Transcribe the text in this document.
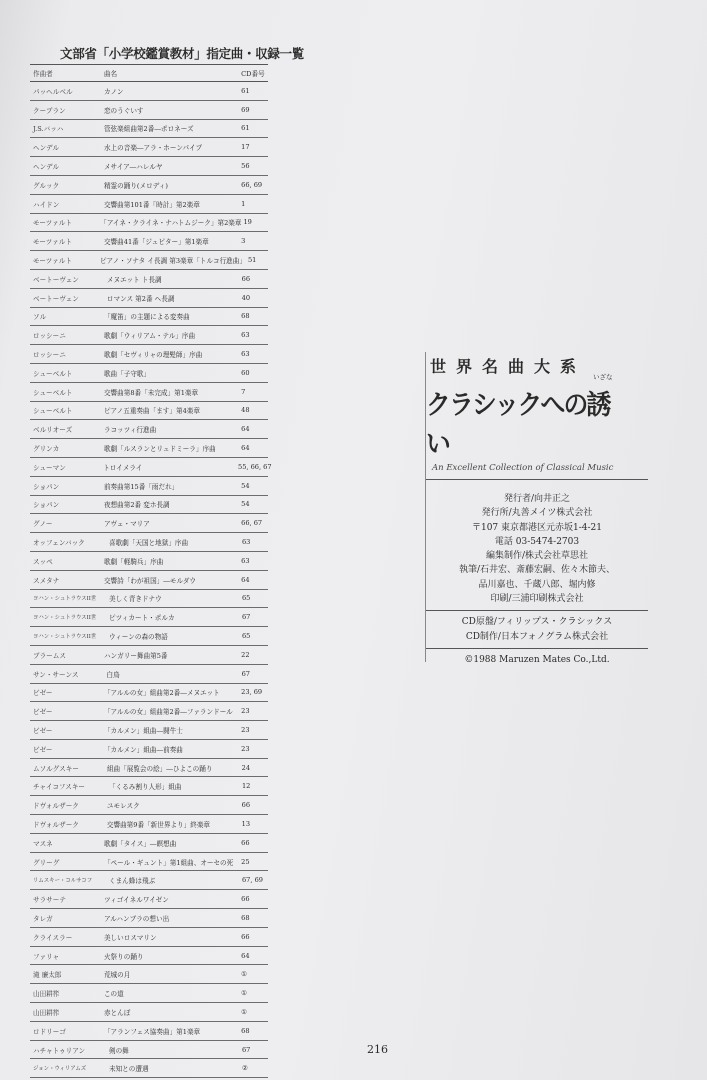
文部省「小学校鑑賞教材」指定曲・収録一覧
作曲者	曲名	CD番号
パッヘルベル	カノン	61
クープラン	恋のうぐいす	69
J.S.バッハ	管弦楽組曲第2番―ポロネーズ	61
ヘンデル	水上の音楽―アラ・ホーンパイプ	17
ヘンデル	メサイア―ハレルヤ	56
グルック	精霊の踊り(メロディ)	66, 69
ハイドン	交響曲第101番「時計」第2楽章	1
モーツァルト	「アイネ・クライネ・ナハトムジーク」第2楽章 19
モーツァルト	交響曲41番「ジュピター」第1楽章	3
モーツァルト	ピアノ・ソナタ イ長調 第3楽章「トルコ行進曲」 51
ベートーヴェン	メヌエット ト長調	66
ベートーヴェン	ロマンス 第2番 ヘ長調	40
ソル	「魔笛」の主題による変奏曲	68
ロッシーニ	歌劇「ウィリアム・テル」序曲	63
ロッシーニ	歌劇「セヴィリャの理髪師」序曲	63
シューベルト	歌曲「子守歌」	60
シューベルト	交響曲第8番「未完成」第1楽章	7
シューベルト	ピアノ五重奏曲「ます」第4楽章	48
ベルリオーズ	ラコッツィ行進曲	64
グリンカ	歌劇「ルスランとリュドミーラ」序曲	64
シューマン	トロイメライ	55, 66, 67
ショパン	前奏曲第15番「雨だれ」	54
ショパン	夜想曲第2番 変ホ長調	54
グノー	アヴェ・マリア	66, 67
オッフェンバック	喜歌劇「天国と地獄」序曲	63
スッペ	歌劇「軽騎兵」序曲	63
スメタナ	交響詩「わが祖国」―モルダウ	64
ヨハン・シュトラウスII世	美しく青きドナウ	65
ヨハン・シュトラウスII世	ピツィカート・ポルカ	67
ヨハン・シュトラウスII世	ウィーンの森の物語	65
ブラームス	ハンガリー舞曲第5番	22
サン・サーンス	白鳥	67
ビゼー	「アルルの女」組曲第2番―メヌエット	23, 69
ビゼー	「アルルの女」組曲第2番―ファランドール	23
ビゼー	「カルメン」組曲―闘牛士	23
ビゼー	「カルメン」組曲―前奏曲	23
ムソルグスキー	組曲「展覧会の絵」―ひよこの踊り	24
チャイコフスキー	「くるみ割り人形」組曲	12
ドヴォルザーク	ユモレスク	66
ドヴォルザーク	交響曲第9番「新世界より」終楽章	13
マスネ	歌劇「タイス」―瞑想曲	66
グリーグ	「ペール・ギュント」第1組曲、オーセの死	25
リムスキー・コルサコフ	くまん蜂は飛ぶ	67, 69
サラサーテ	ツィゴイネルワイゼン	66
タレガ	アルハンブラの想い出	68
クライスラー	美しいロスマリン	66
ファリャ	火祭りの踊り	64
滝 廉太郎	荒城の月	①
山田耕筰	この道	①
山田耕筰	赤とんぼ	①
ロドリーゴ	「アランフェス協奏曲」第1楽章	68
ハチャトゥリアン	剣の舞	67
ジョン・ウィリアムズ	未知との遭遇	②
世界名曲大系
いざな
クラシックへの誘い
An Excellent Collection of Classical Music
発行者/向井正之
発行所/丸善メイツ株式会社
〒107 東京都港区元赤坂1-4-21
電話 03-5474-2703
編集制作/株式会社草思社
執筆/石井宏、斎藤宏嗣、佐々木節夫、
品川嘉也、千蔵八郎、堀内修
印刷/三浦印刷株式会社
CD原盤/フィリップス・クラシックス
CD制作/日本フォノグラム株式会社
©1988 Maruzen Mates Co.,Ltd.
216
